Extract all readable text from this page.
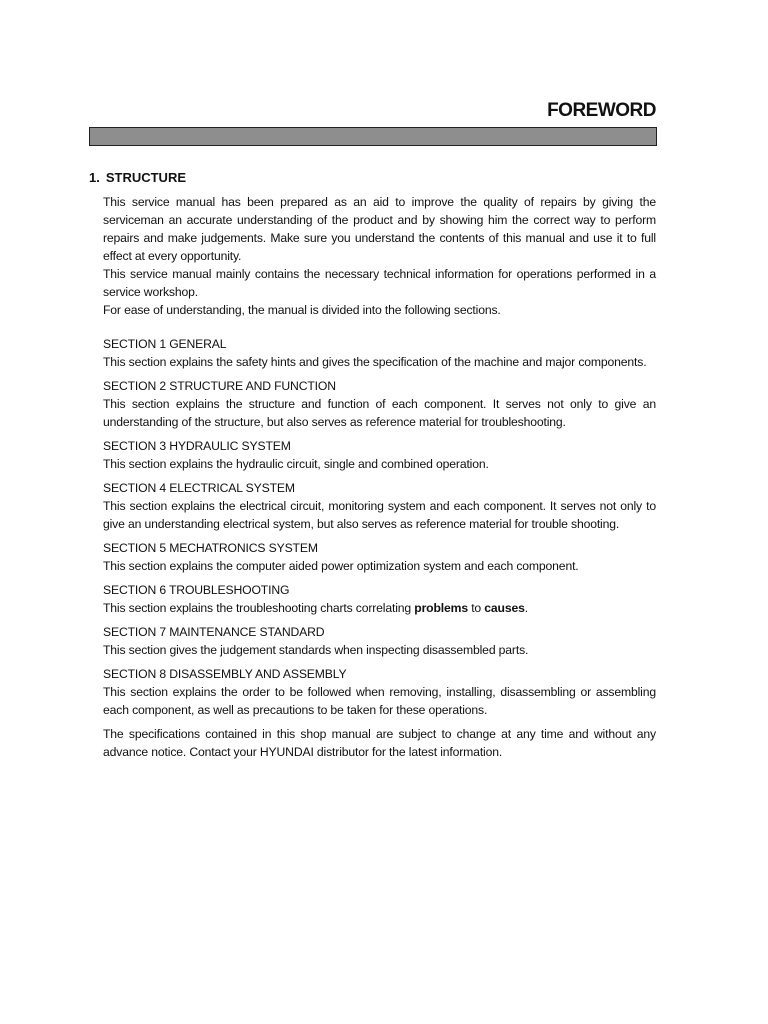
FOREWORD
1. STRUCTURE

This service manual has been prepared as an aid to improve the quality of repairs by giving the serviceman an accurate understanding of the product and by showing him the correct way to perform repairs and make judgements. Make sure you understand the contents of this manual and use it to full effect at every opportunity.

This service manual mainly contains the necessary technical information for operations performed in a service workshop.

For ease of understanding, the manual is divided into the following sections.

SECTION 1 GENERAL
This section explains the safety hints and gives the specification of the machine and major components.
SECTION 2 STRUCTURE AND FUNCTION
This section explains the structure and function of each component. It serves not only to give an understanding of the structure, but also serves as reference material for troubleshooting.
SECTION 3 HYDRAULIC SYSTEM
This section explains the hydraulic circuit, single and combined operation.
SECTION 4 ELECTRICAL SYSTEM
This section explains the electrical circuit, monitoring system and each component. It serves not only to give an understanding electrical system, but also serves as reference material for trouble shooting.
SECTION 5 MECHATRONICS SYSTEM
This section explains the computer aided power optimization system and each component.
SECTION 6 TROUBLESHOOTING
This section explains the troubleshooting charts correlating problems to causes.
SECTION 7 MAINTENANCE STANDARD
This section gives the judgement standards when inspecting disassembled parts.
SECTION 8 DISASSEMBLY AND ASSEMBLY
This section explains the order to be followed when removing, installing, disassembling or assembling each component, as well as precautions to be taken for these operations.

The specifications contained in this shop manual are subject to change at any time and without any advance notice. Contact your HYUNDAI distributor for the latest information.
